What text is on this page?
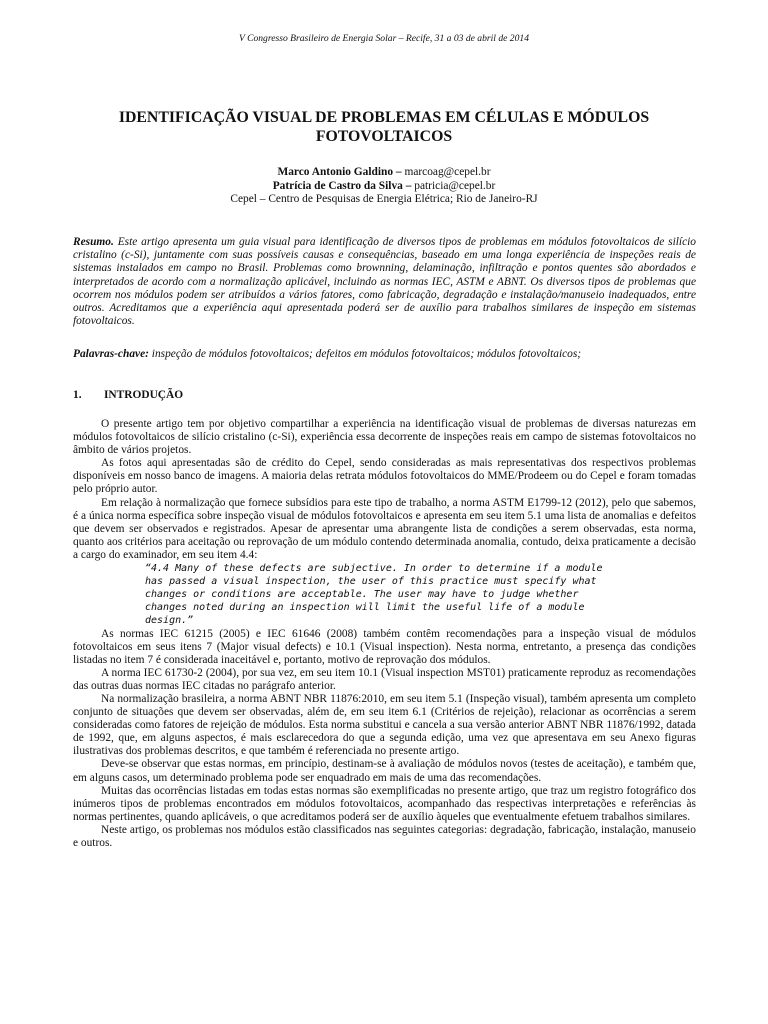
V Congresso Brasileiro de Energia Solar – Recife, 31 a 03 de abril de 2014
IDENTIFICAÇÃO VISUAL DE PROBLEMAS EM CÉLULAS E MÓDULOS FOTOVOLTAICOS
Marco Antonio Galdino – marcoag@cepel.br
Patrícia de Castro da Silva – patricia@cepel.br
Cepel – Centro de Pesquisas de Energia Elétrica; Rio de Janeiro-RJ

Resumo. Este artigo apresenta um guia visual para identificação de diversos tipos de problemas em módulos fotovoltaicos de silício cristalino (c-Si), juntamente com suas possíveis causas e consequências, baseado em uma longa experiência de inspeções reais de sistemas instalados em campo no Brasil. Problemas como brownning, delaminação, infiltração e pontos quentes são abordados e interpretados de acordo com a normalização aplicável, incluindo as normas IEC, ASTM e ABNT. Os diversos tipos de problemas que ocorrem nos módulos podem ser atribuídos a vários fatores, como fabricação, degradação e instalação/manuseio inadequados, entre outros. Acreditamos que a experiência aqui apresentada poderá ser de auxílio para trabalhos similares de inspeção em sistemas fotovoltaicos.

Palavras-chave: inspeção de módulos fotovoltaicos; defeitos em módulos fotovoltaicos; módulos fotovoltaicos;

1. INTRODUÇÃO

O presente artigo tem por objetivo compartilhar a experiência na identificação visual de problemas de diversas naturezas em módulos fotovoltaicos de silício cristalino (c-Si), experiência essa decorrente de inspeções reais em campo de sistemas fotovoltaicos no âmbito de vários projetos.

As fotos aqui apresentadas são de crédito do Cepel, sendo consideradas as mais representativas dos respectivos problemas disponíveis em nosso banco de imagens. A maioria delas retrata módulos fotovoltaicos do MME/Prodeem ou do Cepel e foram tomadas pelo próprio autor.

Em relação à normalização que fornece subsídios para este tipo de trabalho, a norma ASTM E1799-12 (2012), pelo que sabemos, é a única norma específica sobre inspeção visual de módulos fotovoltaicos e apresenta em seu item 5.1 uma lista de anomalias e defeitos que devem ser observados e registrados. Apesar de apresentar uma abrangente lista de condições a serem observadas, esta norma, quanto aos critérios para aceitação ou reprovação de um módulo contendo determinada anomalia, contudo, deixa praticamente a decisão a cargo do examinador, em seu item 4.4:

“4.4 Many of these defects are subjective. In order to determine if a module has passed a visual inspection, the user of this practice must specify what changes or conditions are acceptable. The user may have to judge whether changes noted during an inspection will limit the useful life of a module design.”

As normas IEC 61215 (2005) e IEC 61646 (2008) também contêm recomendações para a inspeção visual de módulos fotovoltaicos em seus itens 7 (Major visual defects) e 10.1 (Visual inspection). Nesta norma, entretanto, a presença das condições listadas no item 7 é considerada inaceitável e, portanto, motivo de reprovação dos módulos.

A norma IEC 61730-2 (2004), por sua vez, em seu item 10.1 (Visual inspection MST01) praticamente reproduz as recomendações das outras duas normas IEC citadas no parágrafo anterior.

Na normalização brasileira, a norma ABNT NBR 11876:2010, em seu item 5.1 (Inspeção visual), também apresenta um completo conjunto de situações que devem ser observadas, além de, em seu item 6.1 (Critérios de rejeição), relacionar as ocorrências a serem consideradas como fatores de rejeição de módulos. Esta norma substitui e cancela a sua versão anterior ABNT NBR 11876/1992, datada de 1992, que, em alguns aspectos, é mais esclarecedora do que a segunda edição, uma vez que apresentava em seu Anexo figuras ilustrativas dos problemas descritos, e que também é referenciada no presente artigo.

Deve-se observar que estas normas, em princípio, destinam-se à avaliação de módulos novos (testes de aceitação), e também que, em alguns casos, um determinado problema pode ser enquadrado em mais de uma das recomendações.

Muitas das ocorrências listadas em todas estas normas são exemplificadas no presente artigo, que traz um registro fotográfico dos inúmeros tipos de problemas encontrados em módulos fotovoltaicos, acompanhado das respectivas interpretações e referências às normas pertinentes, quando aplicáveis, o que acreditamos poderá ser de auxílio àqueles que eventualmente efetuem trabalhos similares.

Neste artigo, os problemas nos módulos estão classificados nas seguintes categorias: degradação, fabricação, instalação, manuseio e outros.
